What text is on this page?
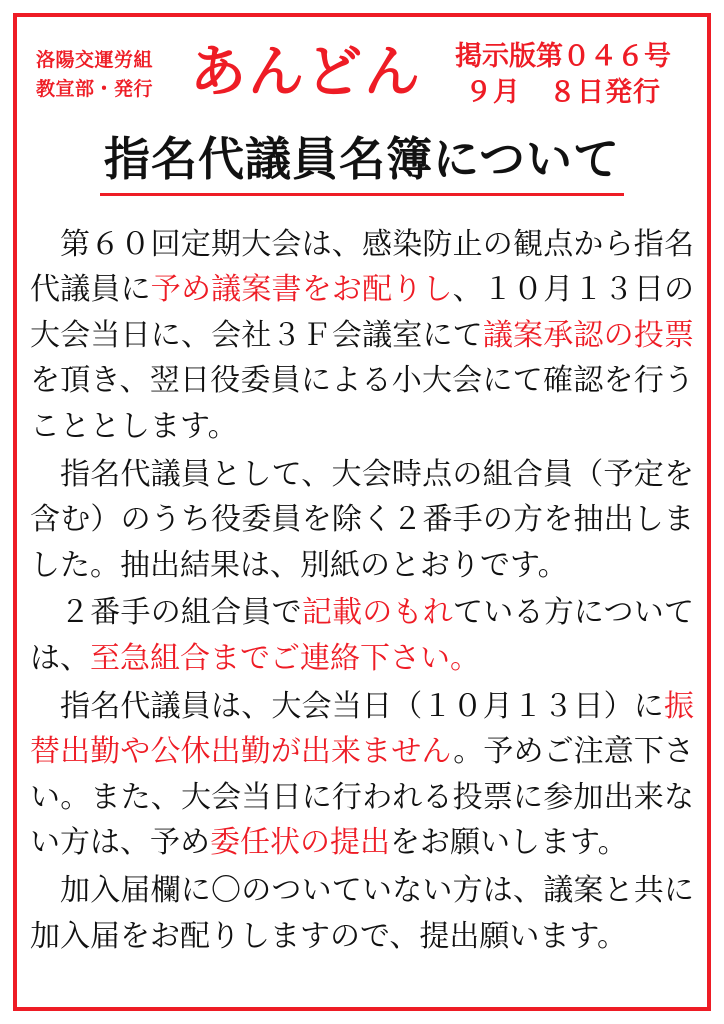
洛陽交運労組
教宣部・発行 あんどん	掲示版第０４６号
９月　８日発行
指名代議員名簿について
第６０回定期大会は、感染防止の観点から指名代議員に予め議案書をお配りし、１０月１３日の大会当日に、会社３Ｆ会議室にて議案承認の投票を頂き、翌日役委員による小大会にて確認を行うこととします。
指名代議員として、大会時点の組合員（予定を含む）のうち役委員を除く２番手の方を抽出しました。抽出結果は、別紙のとおりです。
２番手の組合員で記載のもれている方については、至急組合までご連絡下さい。
指名代議員は、大会当日（１０月１３日）に振替出勤や公休出勤が出来ません。予めご注意下さい。また、大会当日に行われる投票に参加出来ない方は、予め委任状の提出をお願いします。
加入届欄に〇のついていない方は、議案と共に加入届をお配りしますので、提出願います。
